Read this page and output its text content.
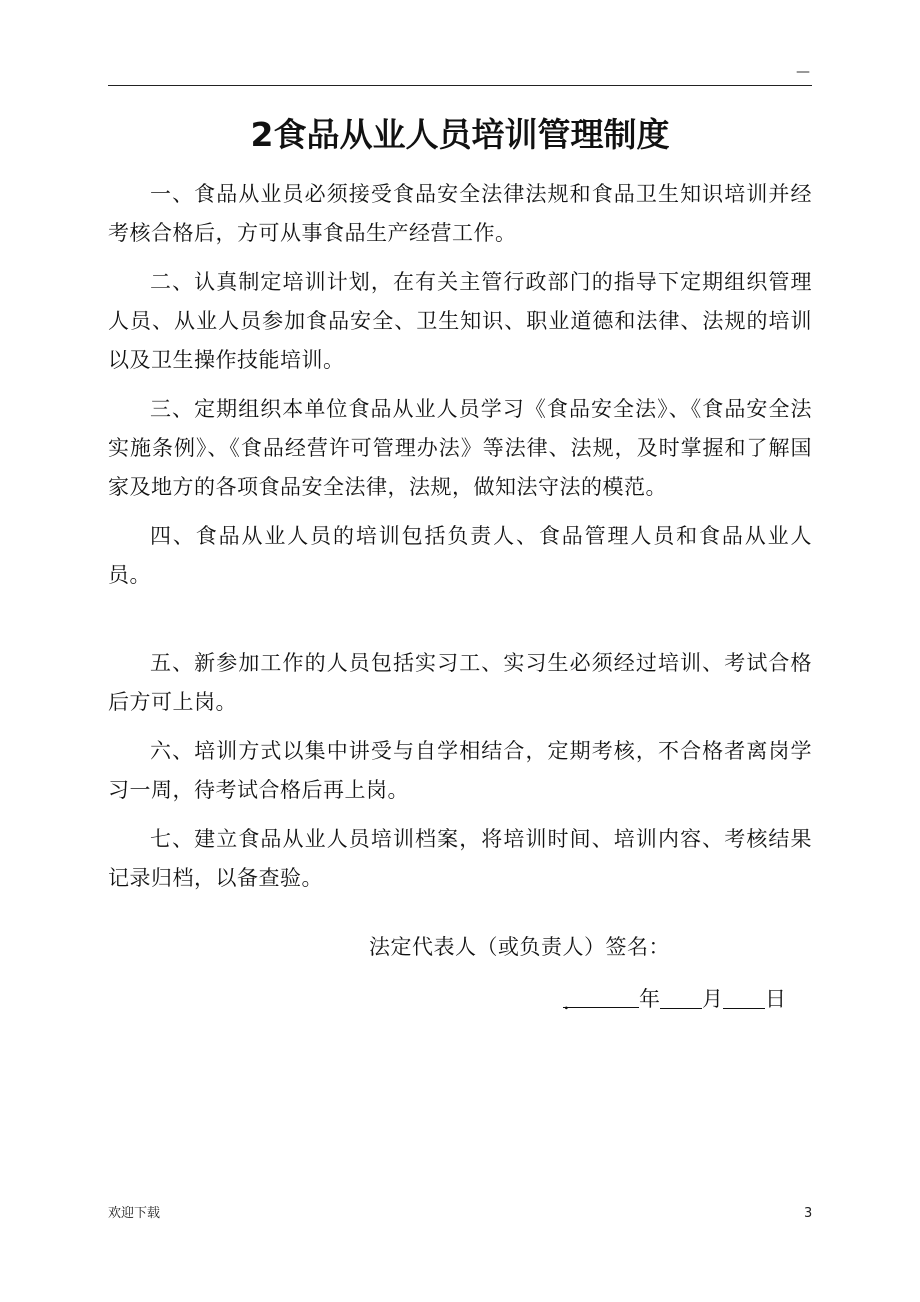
—
2食品从业人员培训管理制度

一、食品从业员必须接受食品安全法律法规和食品卫生知识培训并经考核合格后，方可从事食品生产经营工作。

二、认真制定培训计划，在有关主管行政部门的指导下定期组织管理人员、从业人员参加食品安全、卫生知识、职业道德和法律、法规的培训以及卫生操作技能培训。

三、定期组织本单位食品从业人员学习《食品安全法》、《食品安全法实施条例》、《食品经营许可管理办法》等法律、法规，及时掌握和了解国家及地方的各项食品安全法律，法规，做知法守法的模范。

四、食品从业人员的培训包括负责人、食品管理人员和食品从业人员。

五、新参加工作的人员包括实习工、实习生必须经过培训、考试合格后方可上岗。

六、培训方式以集中讲受与自学相结合，定期考核，不合格者离岗学习一周，待考试合格后再上岗。

七、建立食品从业人员培训档案，将培训时间、培训内容、考核结果记录归档，以备查验。

法定代表人（或负责人）签名：
.	年 月 日
欢迎下载	3
